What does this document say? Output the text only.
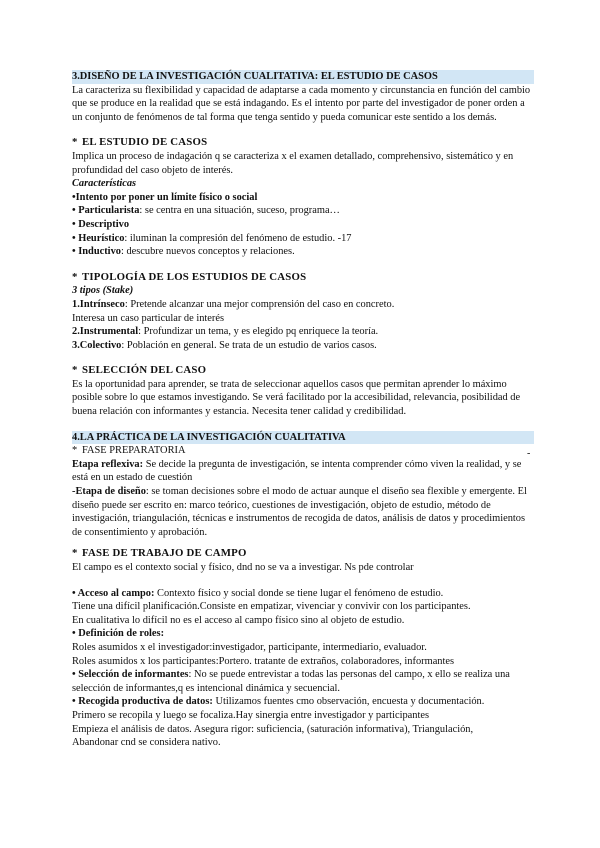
3.DISEÑO DE LA INVESTIGACIÓN CUALITATIVA: EL ESTUDIO DE CASOS

La caracteriza su flexibilidad y capacidad de adaptarse a cada momento y circunstancia en función del cambio que se produce en la realidad que se está indagando. Es el intento por parte del investigador de poner orden a un conjunto de fenómenos de tal forma que tenga sentido y pueda comunicar este sentido a los demás.

* EL ESTUDIO DE CASOS

Implica un proceso de indagación q se caracteriza x el examen detallado, comprehensivo, sistemático y en profundidad del caso objeto de interés.

Características

•Intento por poner un límite físico o social

• Particularista: se centra en una situación, suceso, programa…

• Descriptivo

• Heurístico: iluminan la compresión del fenómeno de estudio. -17

• Inductivo: descubre nuevos conceptos y relaciones.

* TIPOLOGÍA DE LOS ESTUDIOS DE CASOS

3 tipos (Stake)

1.Intrínseco: Pretende alcanzar una mejor comprensión del caso en concreto.

Interesa un caso particular de interés

2.Instrumental: Profundizar un tema, y es elegido pq enriquece la teoría.

3.Colectivo: Población en general. Se trata de un estudio de varios casos.

* SELECCIÓN DEL CASO

Es la oportunidad para aprender, se trata de seleccionar aquellos casos que permitan aprender lo máximo posible sobre lo que estamos investigando. Se verá facilitado por la accesibilidad, relevancia, posibilidad de buena relación con informantes y estancia. Necesita tener calidad y credibilidad.

4.LA PRÁCTICA DE LA INVESTIGACIÓN CUALITATIVA

* FASE PREPARATORIA

Etapa reflexiva: Se decide la pregunta de investigación, se intenta comprender cómo viven la realidad, y se está en un estado de cuestión

-Etapa de diseño: se toman decisiones sobre el modo de actuar aunque el diseño sea flexible y emergente. El diseño puede ser escrito en: marco teórico, cuestiones de investigación, objeto de estudio, método de investigación, triangulación, técnicas e instrumentos de recogida de datos, análisis de datos y procedimientos de consentimiento y aprobación.

* FASE DE TRABAJO DE CAMPO

El campo es el contexto social y físico, dnd no se va a investigar. Ns pde controlar

• Acceso al campo: Contexto físico y social donde se tiene lugar el fenómeno de estudio.

Tiene una difícil planificación.Consiste en empatizar, vivenciar y convivir con los participantes.

En cualitativa lo difícil no es el acceso al campo físico sino al objeto de estudio.

• Definición de roles:

Roles asumidos x el investigador:investigador, participante, intermediario, evaluador.

Roles asumidos x los participantes:Portero. tratante de extraños, colaboradores, informantes

• Selección de informantes: No se puede entrevistar a todas las personas del campo, x ello se realiza una selección de informantes,q es intencional dinámica y secuencial.

• Recogida productiva de datos: Utilizamos fuentes cmo observación, encuesta y documentación.

Primero se recopila y luego se focaliza.Hay sinergia entre investigador y participantes

Empieza el análisis de datos. Asegura rigor: suficiencia, (saturación informativa), Triangulación,

Abandonar cnd se considera nativo.

-
